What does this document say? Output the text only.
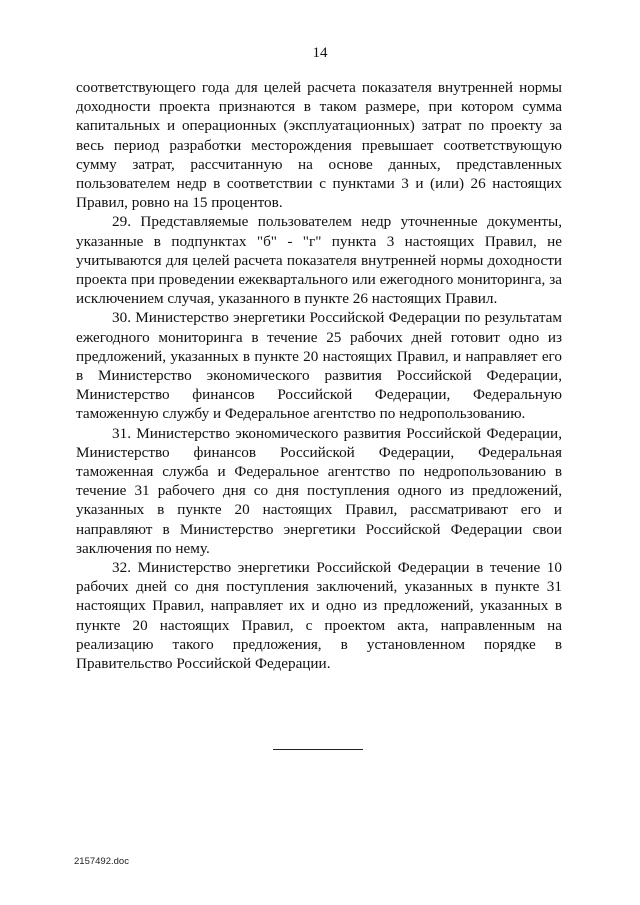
14

соответствующего года для целей расчета показателя внутренней нормы доходности проекта признаются в таком размере, при котором сумма капитальных и операционных (эксплуатационных) затрат по проекту за весь период разработки месторождения превышает соответствующую сумму затрат, рассчитанную на основе данных, представленных пользователем недр в соответствии с пунктами 3 и (или) 26 настоящих Правил, ровно на 15 процентов.

29. Представляемые пользователем недр уточненные документы, указанные в подпунктах "б" - "г" пункта 3 настоящих Правил, не учитываются для целей расчета показателя внутренней нормы доходности проекта при проведении ежеквартального или ежегодного мониторинга, за исключением случая, указанного в пункте 26 настоящих Правил.

30. Министерство энергетики Российской Федерации по результатам ежегодного мониторинга в течение 25 рабочих дней готовит одно из предложений, указанных в пункте 20 настоящих Правил, и направляет его в Министерство экономического развития Российской Федерации, Министерство финансов Российской Федерации, Федеральную таможенную службу и Федеральное агентство по недропользованию.

31. Министерство экономического развития Российской Федерации, Министерство финансов Российской Федерации, Федеральная таможенная служба и Федеральное агентство по недропользованию в течение 31 рабочего дня со дня поступления одного из предложений, указанных в пункте 20 настоящих Правил, рассматривают его и направляют в Министерство энергетики Российской Федерации свои заключения по нему.

32. Министерство энергетики Российской Федерации в течение 10 рабочих дней со дня поступления заключений, указанных в пункте 31 настоящих Правил, направляет их и одно из предложений, указанных в пункте 20 настоящих Правил, с проектом акта, направленным на реализацию такого предложения, в установленном порядке в Правительство Российской Федерации.

2157492.doc
